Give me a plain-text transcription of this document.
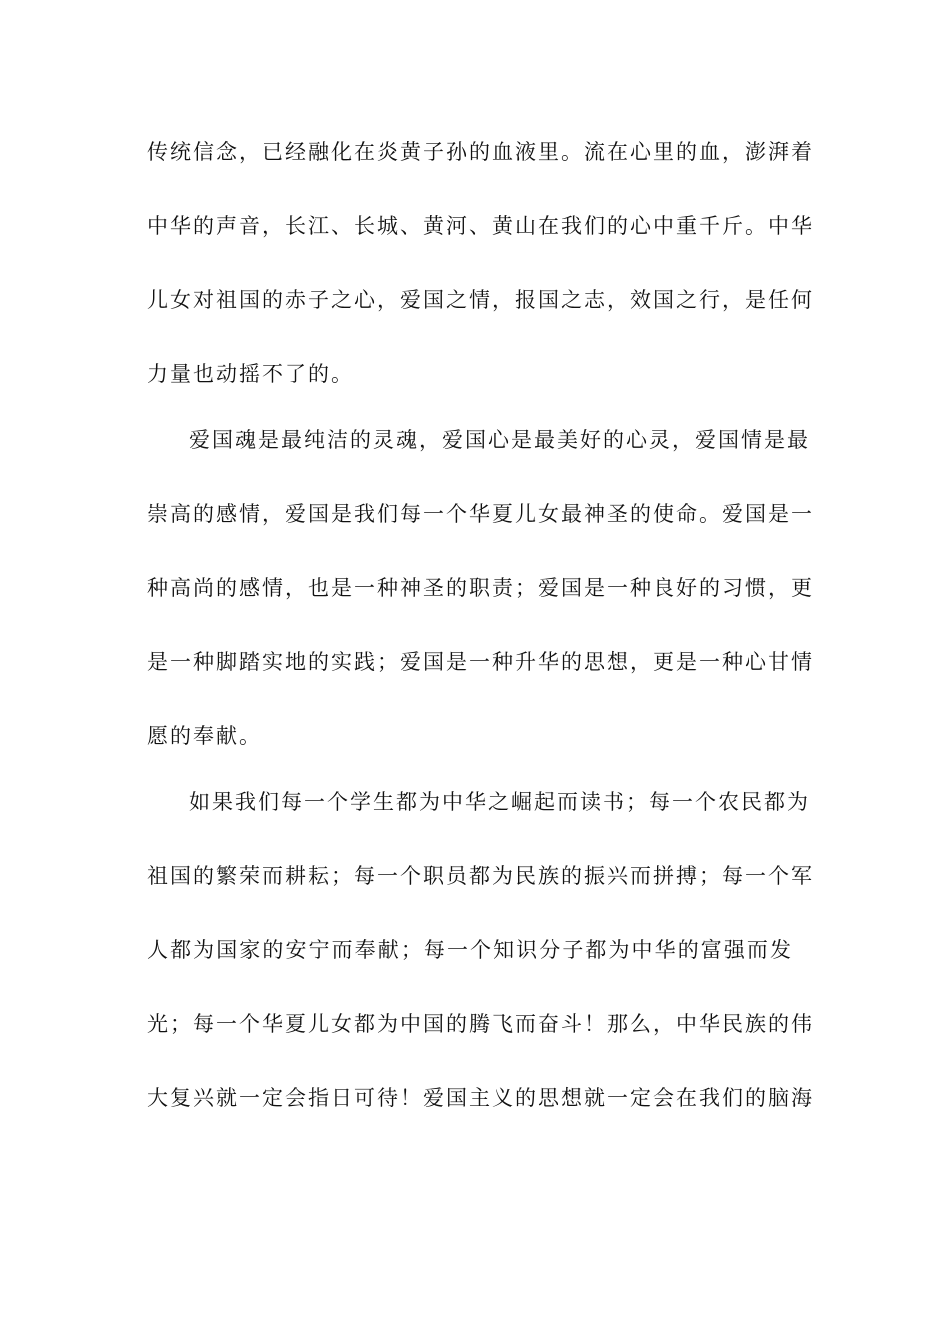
传统信念，已经融化在炎黄子孙的血液里。流在心里的血，澎湃着
中华的声音，长江、长城、黄河、黄山在我们的心中重千斤。中华
儿女对祖国的赤子之心，爱国之情，报国之志，效国之行，是任何
力量也动摇不了的。
爱国魂是最纯洁的灵魂，爱国心是最美好的心灵，爱国情是最
崇高的感情，爱国是我们每一个华夏儿女最神圣的使命。爱国是一
种高尚的感情，也是一种神圣的职责；爱国是一种良好的习惯，更
是一种脚踏实地的实践；爱国是一种升华的思想，更是一种心甘情
愿的奉献。
如果我们每一个学生都为中华之崛起而读书；每一个农民都为
祖国的繁荣而耕耘；每一个职员都为民族的振兴而拼搏；每一个军
人都为国家的安宁而奉献；每一个知识分子都为中华的富强而发
光；每一个华夏儿女都为中国的腾飞而奋斗！那么，中华民族的伟
大复兴就一定会指日可待！爱国主义的思想就一定会在我们的脑海
